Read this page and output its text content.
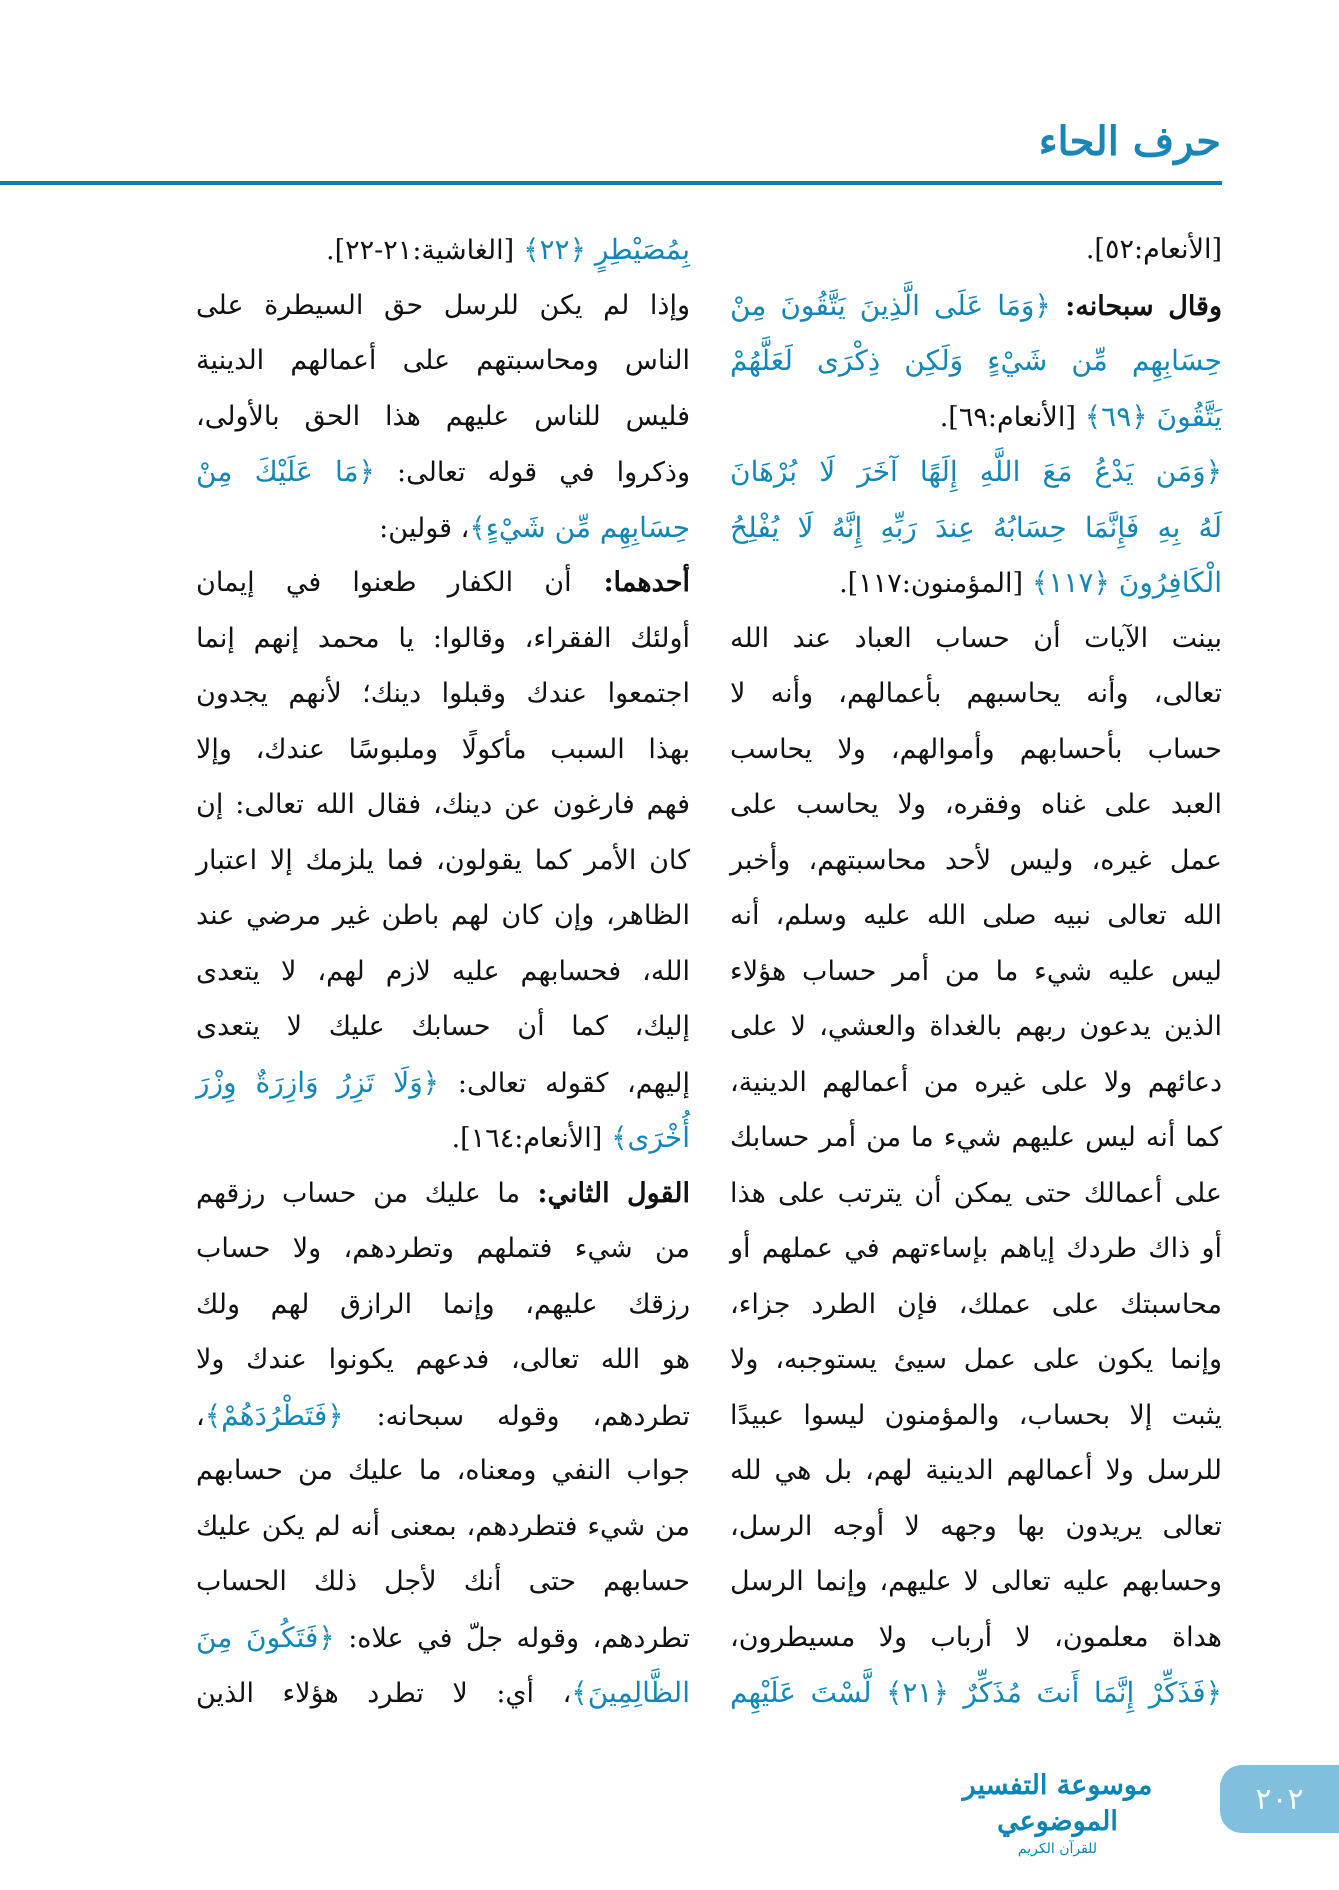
حرف الحاء
[الأنعام:٥٢].
وقال سبحانه: ﴿وَمَا عَلَى الَّذِينَ يَتَّقُونَ مِنْ
حِسَابِهِم مِّن شَيْءٍ وَلَكِن ذِكْرَى لَعَلَّهُمْ
يَتَّقُونَ ﴿٦٩﴾ [الأنعام:٦٩].
﴿وَمَن يَدْعُ مَعَ اللَّهِ إِلَهًا آخَرَ لَا بُرْهَانَ
لَهُ بِهِ فَإِنَّمَا حِسَابُهُ عِندَ رَبِّهِ إِنَّهُ لَا يُفْلِحُ
الْكَافِرُونَ ﴿١١٧﴾ [المؤمنون:١١٧].
بينت الآيات أن حساب العباد عند الله
تعالى، وأنه يحاسبهم بأعمالهم، وأنه لا
حساب بأحسابهم وأموالهم، ولا يحاسب
العبد على غناه وفقره، ولا يحاسب على
عمل غيره، وليس لأحد محاسبتهم، وأخبر
الله تعالى نبيه صلى الله عليه وسلم، أنه
ليس عليه شيء ما من أمر حساب هؤلاء
الذين يدعون ربهم بالغداة والعشي، لا على
دعائهم ولا على غيره من أعمالهم الدينية،
كما أنه ليس عليهم شيء ما من أمر حسابك
على أعمالك حتى يمكن أن يترتب على هذا
أو ذاك طردك إياهم بإساءتهم في عملهم أو
محاسبتك على عملك، فإن الطرد جزاء،
وإنما يكون على عمل سيئ يستوجبه، ولا
يثبت إلا بحساب، والمؤمنون ليسوا عبيدًا
للرسل ولا أعمالهم الدينية لهم، بل هي لله
تعالى يريدون بها وجهه لا أوجه الرسل،
وحسابهم عليه تعالى لا عليهم، وإنما الرسل
هداة معلمون، لا أرباب ولا مسيطرون،
﴿فَذَكِّرْ إِنَّمَا أَنتَ مُذَكِّرٌ ﴿٢١﴾ لَّسْتَ عَلَيْهِم
بِمُصَيْطِرٍ ﴿٢٢﴾ [الغاشية:٢١-٢٢].
وإذا لم يكن للرسل حق السيطرة على
الناس ومحاسبتهم على أعمالهم الدينية
فليس للناس عليهم هذا الحق بالأولى،
وذكروا في قوله تعالى: ﴿مَا عَلَيْكَ مِنْ
حِسَابِهِم مِّن شَيْءٍ﴾، قولين:
أحدهما: أن الكفار طعنوا في إيمان
أولئك الفقراء، وقالوا: يا محمد إنهم إنما
اجتمعوا عندك وقبلوا دينك؛ لأنهم يجدون
بهذا السبب مأكولًا وملبوسًا عندك، وإلا
فهم فارغون عن دينك، فقال الله تعالى: إن
كان الأمر كما يقولون، فما يلزمك إلا اعتبار
الظاهر، وإن كان لهم باطن غير مرضي عند
الله، فحسابهم عليه لازم لهم، لا يتعدى
إليك، كما أن حسابك عليك لا يتعدى
إليهم، كقوله تعالى: ﴿وَلَا تَزِرُ وَازِرَةٌ وِزْرَ
أُخْرَى﴾ [الأنعام:١٦٤].
القول الثاني: ما عليك من حساب رزقهم
من شيء فتملهم وتطردهم، ولا حساب
رزقك عليهم، وإنما الرازق لهم ولك
هو الله تعالى، فدعهم يكونوا عندك ولا
تطردهم، وقوله سبحانه: ﴿فَتَطْرُدَهُمْ﴾،
جواب النفي ومعناه، ما عليك من حسابهم
من شيء فتطردهم، بمعنى أنه لم يكن عليك
حسابهم حتى أنك لأجل ذلك الحساب
تطردهم، وقوله جلّ في علاه: ﴿فَتَكُونَ مِنَ
الظَّالِمِينَ﴾، أي: لا تطرد هؤلاء الذين
موسوعة التفسير الموضوعي
للقرآن الكريم
٢٠٢
